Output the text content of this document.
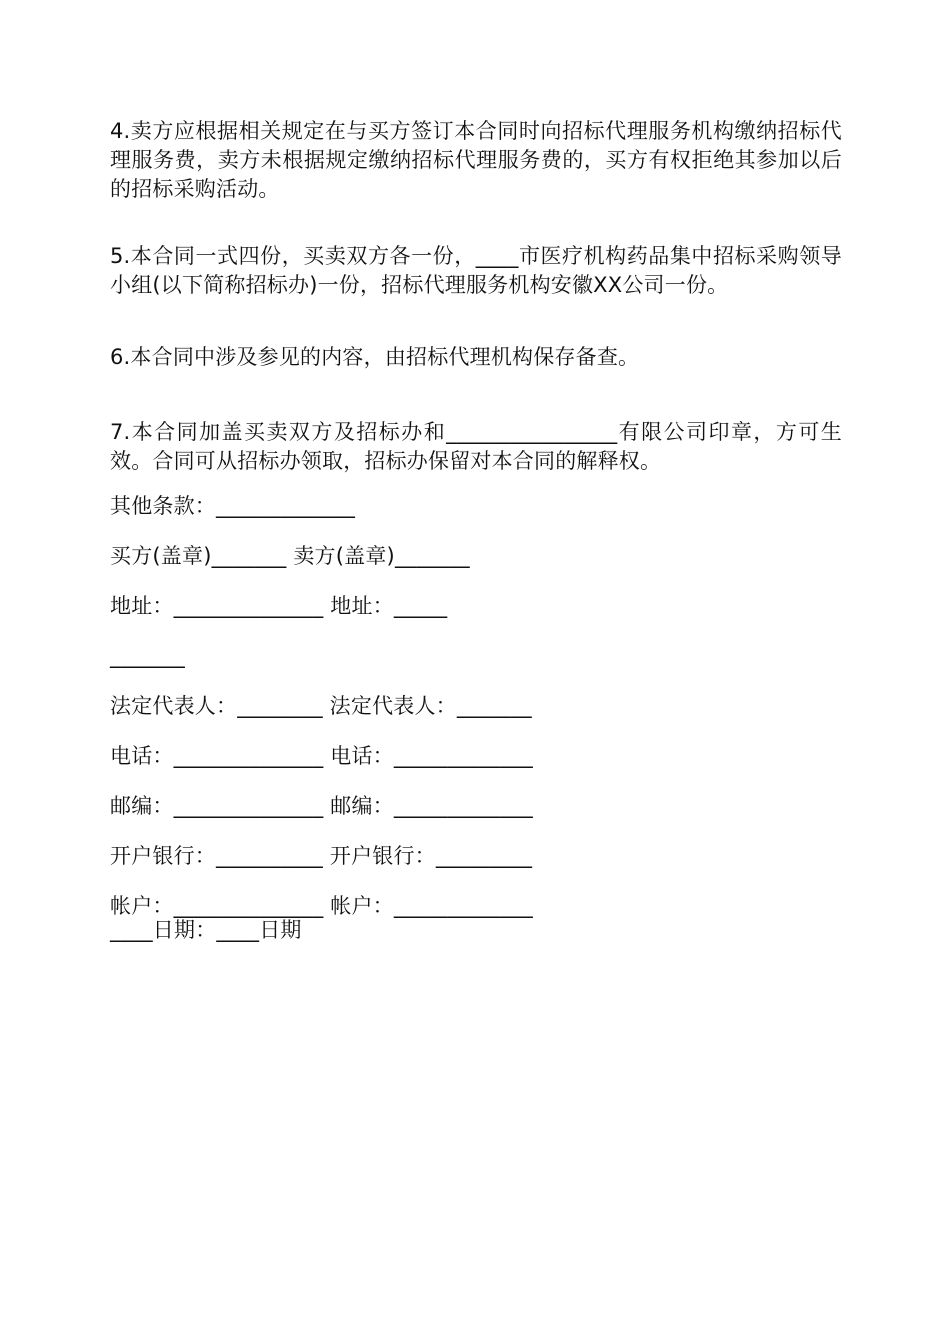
4.卖方应根据相关规定在与买方签订本合同时向招标代理服务机构缴纳招标代理服务费，卖方未根据规定缴纳招标代理服务费的，买方有权拒绝其参加以后的招标采购活动。
5.本合同一式四份，买卖双方各一份，____市医疗机构药品集中招标采购领导小组(以下简称招标办)一份，招标代理服务机构安徽XX公司一份。
6.本合同中涉及参见的内容，由招标代理机构保存备查。
7.本合同加盖买卖双方及招标办和________________有限公司印章，方可生效。合同可从招标办领取，招标办保留对本合同的解释权。
其他条款：_____________
买方(盖章)_______ 卖方(盖章)_______
地址：______________ 地址：_____
_______
法定代表人：________ 法定代表人：_______
电话：______________ 电话：_____________
邮编：______________ 邮编：_____________
开户银行：__________ 开户银行：_________
帐户：______________ 帐户：_____________
____日期：____日期
